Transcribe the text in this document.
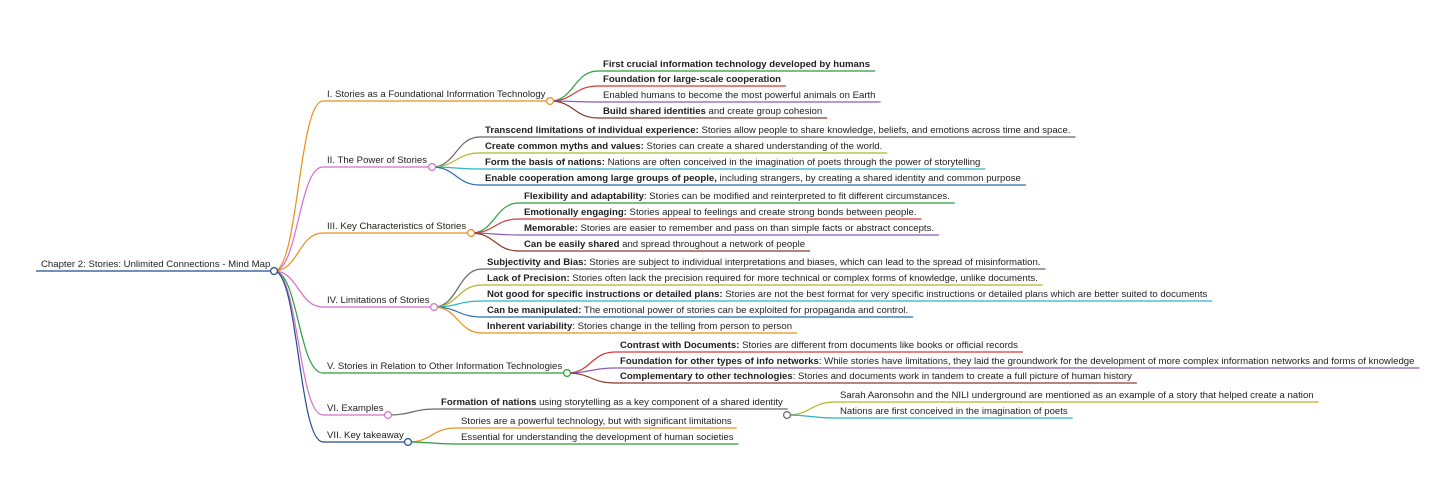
Chapter 2: Stories: Unlimited Connections - Mind Map
I. Stories as a Foundational Information Technology
First crucial information technology developed by humans
Foundation for large-scale cooperation
Enabled humans to become the most powerful animals on Earth
Build shared identities and create group cohesion
II. The Power of Stories
Transcend limitations of individual experience: Stories allow people to share knowledge, beliefs, and emotions across time and space.
Create common myths and values: Stories can create a shared understanding of the world.
Form the basis of nations: Nations are often conceived in the imagination of poets through the power of storytelling
Enable cooperation among large groups of people, including strangers, by creating a shared identity and common purpose
III. Key Characteristics of Stories
Flexibility and adaptability: Stories can be modified and reinterpreted to fit different circumstances.
Emotionally engaging: Stories appeal to feelings and create strong bonds between people.
Memorable: Stories are easier to remember and pass on than simple facts or abstract concepts.
Can be easily shared and spread throughout a network of people
IV. Limitations of Stories
Subjectivity and Bias: Stories are subject to individual interpretations and biases, which can lead to the spread of misinformation.
Lack of Precision: Stories often lack the precision required for more technical or complex forms of knowledge, unlike documents.
Not good for specific instructions or detailed plans: Stories are not the best format for very specific instructions or detailed plans which are better suited to documents
Can be manipulated: The emotional power of stories can be exploited for propaganda and control.
Inherent variability: Stories change in the telling from person to person
V. Stories in Relation to Other Information Technologies
Contrast with Documents: Stories are different from documents like books or official records
Foundation for other types of info networks: While stories have limitations, they laid the groundwork for the development of more complex information networks and forms of knowledge
Complementary to other technologies: Stories and documents work in tandem to create a full picture of human history
VI. Examples
Formation of nations using storytelling as a key component of a shared identity
Sarah Aaronsohn and the NILI underground are mentioned as an example of a story that helped create a nation
Nations are first conceived in the imagination of poets
VII. Key takeaway
Stories are a powerful technology, but with significant limitations
Essential for understanding the development of human societies
